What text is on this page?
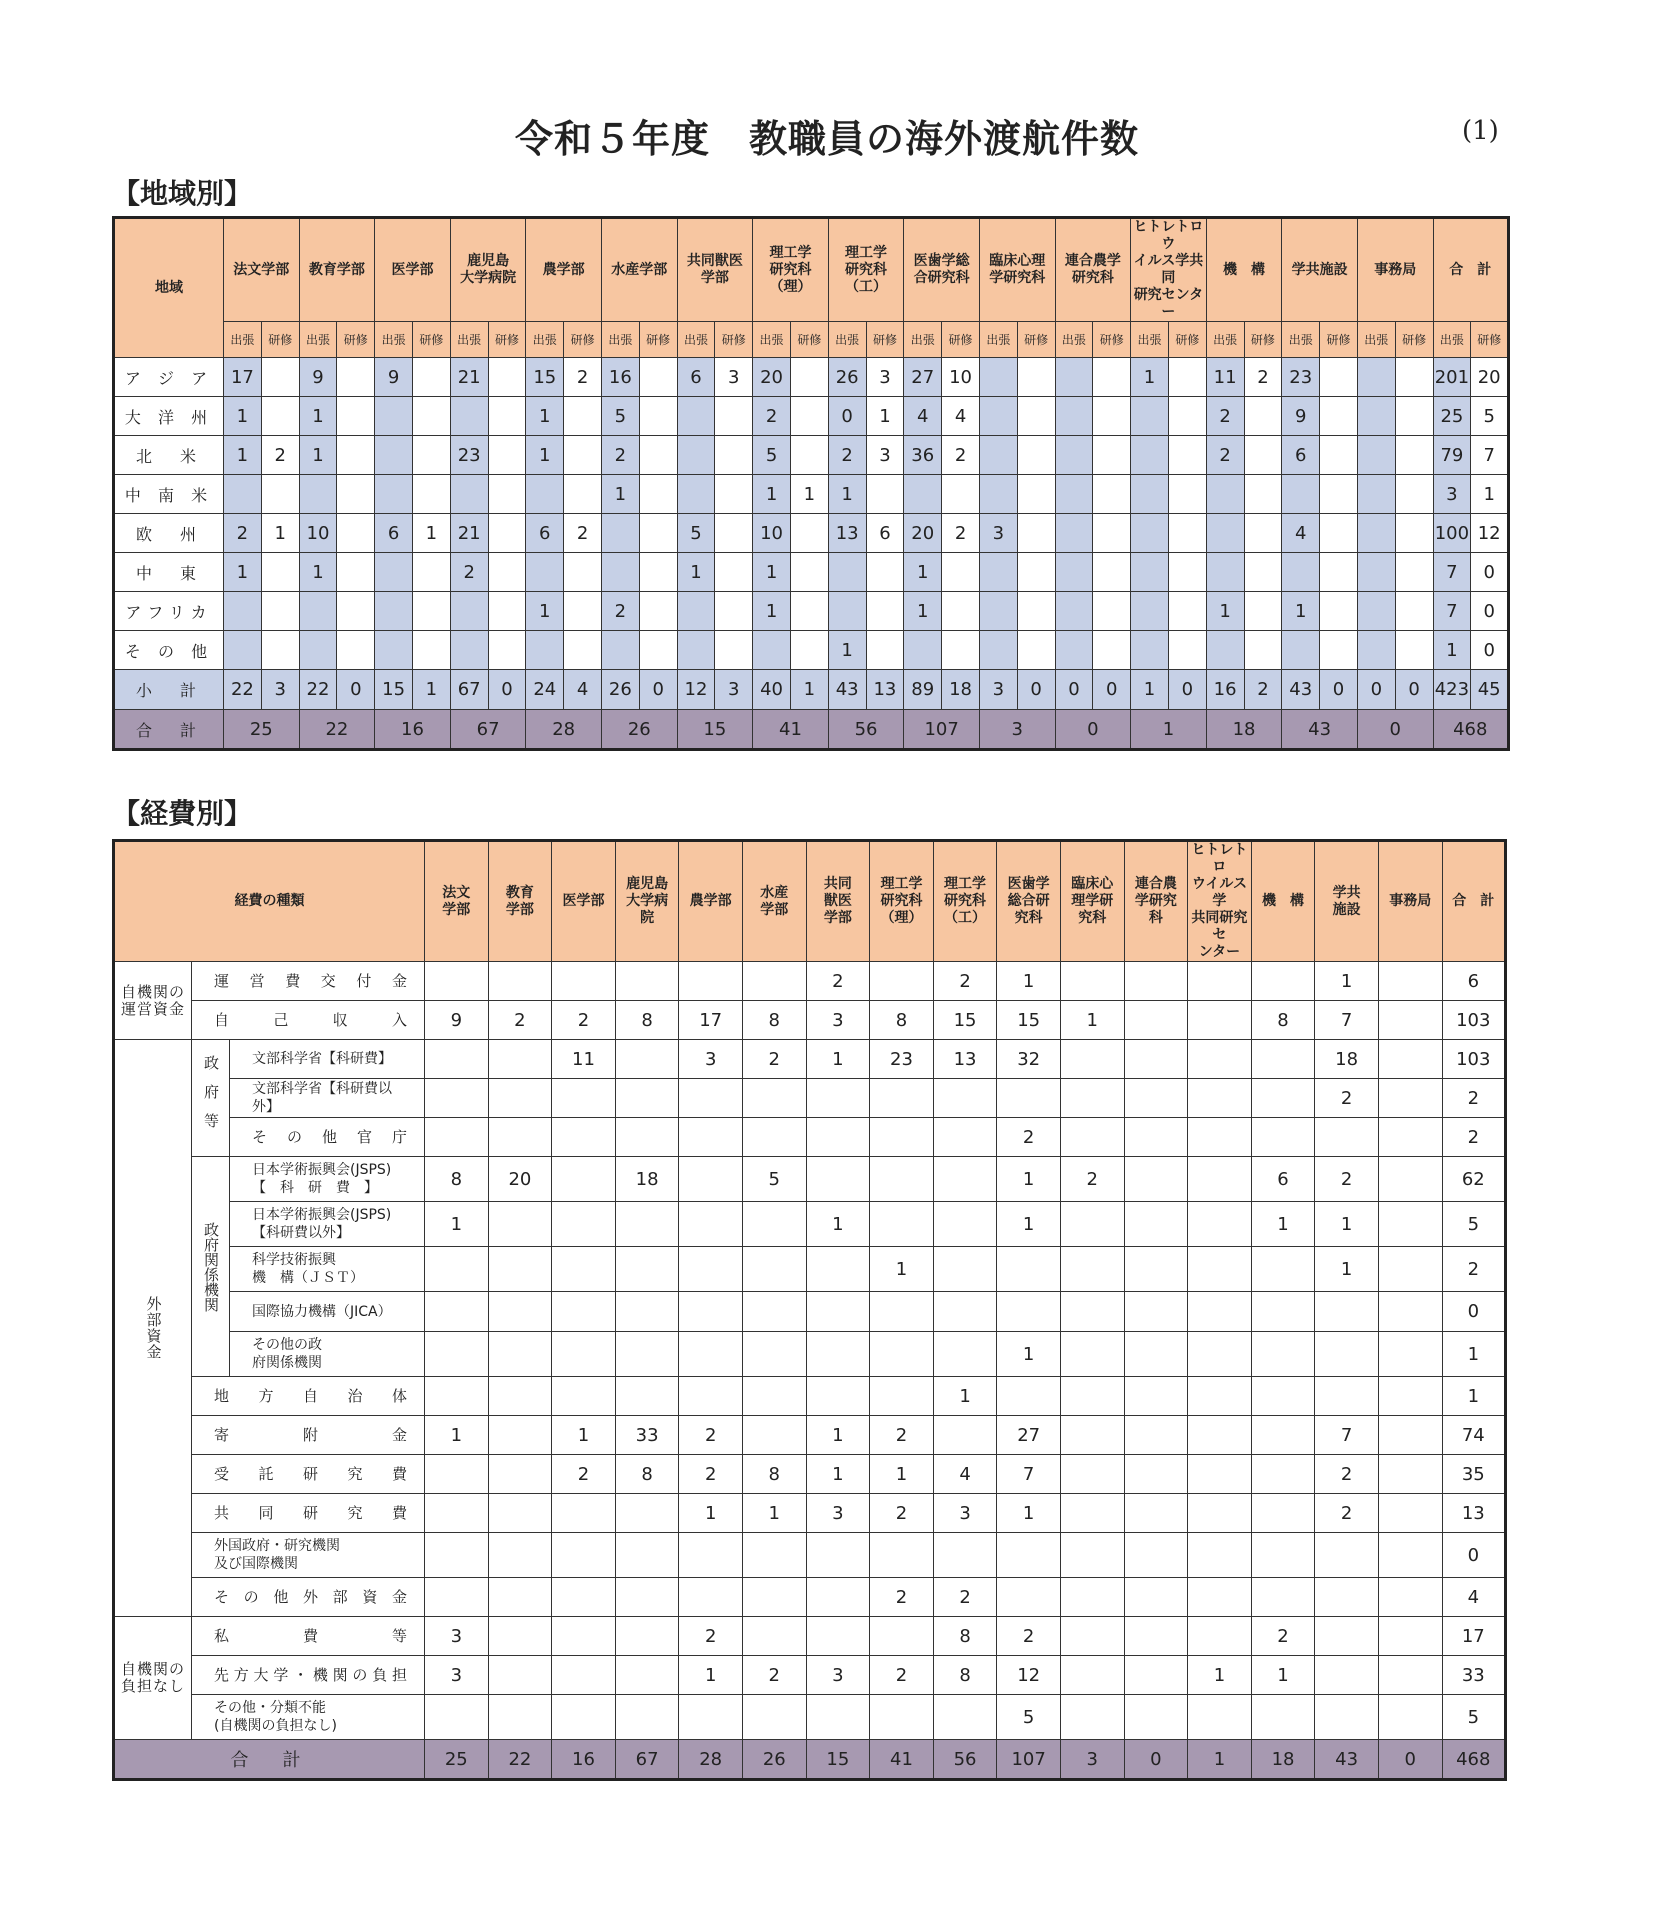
令和５年度　教職員の海外渡航件数	(1)
【地域別】
地域	法文学部		教育学部		医学部		鹿児島
大学病院		農学部		水産学部		共同獣医
学部		理工学
研究科
（理）		理工学
研究科
（工）		医歯学総
合研究科		臨床心理
学研究科		連合農学
研究科		ヒトレトロウ
イルス学共同
研究センター		機　構		学共施設		事務局		合　計	
	出張	研修	出張	研修	出張	研修	出張	研修	出張	研修	出張	研修	出張	研修	出張	研修	出張	研修	出張	研修	出張	研修	出張	研修	出張	研修	出張	研修	出張	研修	出張	研修	出張	研修
ア ジ ア	17		9		9		21		15	2	16		6	3	20		26	3	27	10					1		11	2	23				201	20
大 洋 州	1		1						1		5				2		0	1	4	4							2		9				25	5
北　米	1	2	1				23		1		2				5		2	3	36	2							2		6				79	7
中 南 米											1				1	1	1																3	1
欧　州	2	1	10		6	1	21		6	2			5		10		13	6	20	2	3								4				100	12
中　東	1		1				2						1		1				1														7	0
アフリカ									1		2				1				1								1		1				7	0
そ の 他																	1																1	0
小　計	22	3	22	0	15	1	67	0	24	4	26	0	12	3	40	1	43	13	89	18	3	0	0	0	1	0	16	2	43	0	0	0	423	45
合　計	25		22		16		67		28		26		15		41		56		107		3		0		1		18		43		0		468	
【経費別】
経費の種類			法文
学部	教育
学部	医学部	鹿児島
大学病
院	農学部	水産
学部	共同
獣医
学部	理工学
研究科
（理）	理工学
研究科
（工）	医歯学
総合研
究科	臨床心
理学研
究科	連合農
学研究
科	ヒトレトロ
ウイルス学
共同研究セ
ンター	機　構	学共
施設	事務局	合　計
自機関の
運営資金	運営費交付金								2		2	1					1		6
	自己収入		9	2	2	8	17	8	3	8	15	15	1			8	7		103
外部資金	政府等	文部科学省【科研費】			11		3	2	1	23	13	32					18		103
		文部科学省【科研費以外】															2		2
		その他官庁										2							2
	政府関係機関	日本学術振興会(JSPS)
【　科　研　費　】	8	20		18		5				1	2			6	2		62
		日本学術振興会(JSPS)
【科研費以外】	1						1			1				1	1		5
		科学技術振興
機　構（ＪＳＴ）								1							1		2
		国際協力機構（JICA）																	0
		その他の政
府関係機関										1							1
	地方自治体										1								1
	寄附金		1		1	33	2		1	2		27					7		74
	受託研究費				2	8	2	8	1	1	4	7					2		35
	共同研究費						1	1	3	2	3	1					2		13
	外国政府・研究機関
及び国際機関																		0
	その他外部資金									2	2								4
自機関の
負担なし	私費等		3				2				8	2				2			17
	先方大学・機関の負担		3				1	2	3	2	8	12			1	1			33
	その他・分類不能
(自機関の負担なし)											5							5
合　計			25	22	16	67	28	26	15	41	56	107	3	0	1	18	43	0	468
